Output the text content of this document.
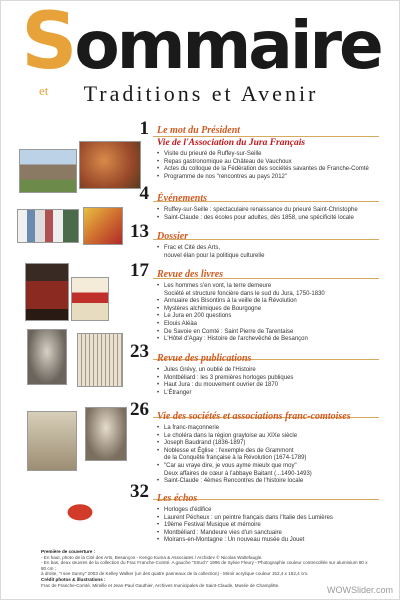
Sommaire
et Traditions et Avenir
1 Le mot du Président
Vie de l'Association du Jura Français
• Visite du prieuré de Ruffey-sur-Seille
• Repas gastronomique au Château de Vauchoux
• Actes du colloque de la Fédération des sociétés savantes de Franche-Comté
• Programme de nos "rencontres au pays 2012"
4 Événements
• Ruffey-sur-Seille : spectaculaire renaissance du prieuré Saint-Christophe
• Saint-Claude : des écoles pour adultes, dès 1858, une spécificité locale
13 Dossier
• Frac et Cité des Arts,
nouvel élan pour la politique culturelle
17 Revue des livres
• Les hommes s'en vont, la terre demeure
Société et structure foncière dans le sud du Jura, 1750-1830
• Annuaire des Bisontins à la veille de la Révolution
• Mystères alchimiques de Bourgogne
• Le Jura en 200 questions
• Elouis Aléàa
• De Savoie en Comté : Saint Pierre de Tarentaise
• L'Hôtel d'Agay : Histoire de l'archevêché de Besançon
23 Revue des publications
• Jules Grévy, un oublié de l'Histoire
• Montbéliard : les 3 premières horloges publiques
• Haut Jura : du mouvement ouvrier de 1870
• L'Étranger
26 Vie des sociétés et associations franc-comtoises
• La franc-maçonnerie
• Le choléra dans la région grayloise au XIXe siècle
• Joseph Baudrand (1836-1897)
• Noblesse et Église : l'exemple des de Grammont
de la Conquête française à la Révolution (1674-1789)
• "Car au vraye dire, je vous ayme mieulx que moy"
Deux affaires de cœur à l'abbaye Baitant (...1490-1493)
• Saint-Claude : 4èmes Rencontres de l'histoire locale
32 Les échos
• Horloges d'édifice
• Laurent Pécheux : un peintre français dans l'Italie des Lumières
• 19ème Festival Musique et mémoire
• Montbéliard : Mandeure vies d'un sanctuaire
• Moirans-en-Montagne : Un nouveau musée du Jouet
Première de couverture :
- En haut, photo de la Cité des Arts, Besançon - Kengo Kuma & Associates / Archidev © Nicolas Waltefaugle.
- En bas, deux œuvres de la collection du Frac Franche-Comté. A gauche "Struch" 1996 de Sylvie Fleury - Photographie couleur contrecollée sur aluminium 80 x 80 cm ;
à droite, "I see Sunny" 2003 de Kelley Walker (un des quatre panneaux de la collection) - Miroir acrylique couleur 152,4 x 152,4 cm.
Crédit photos & illustrations :
Frac de Franche-Comté, Mireille et Jean-Paul Gauthier, Archives municipales de Saint-Claude, Musée de Champlitte.	WOWSlider.com
